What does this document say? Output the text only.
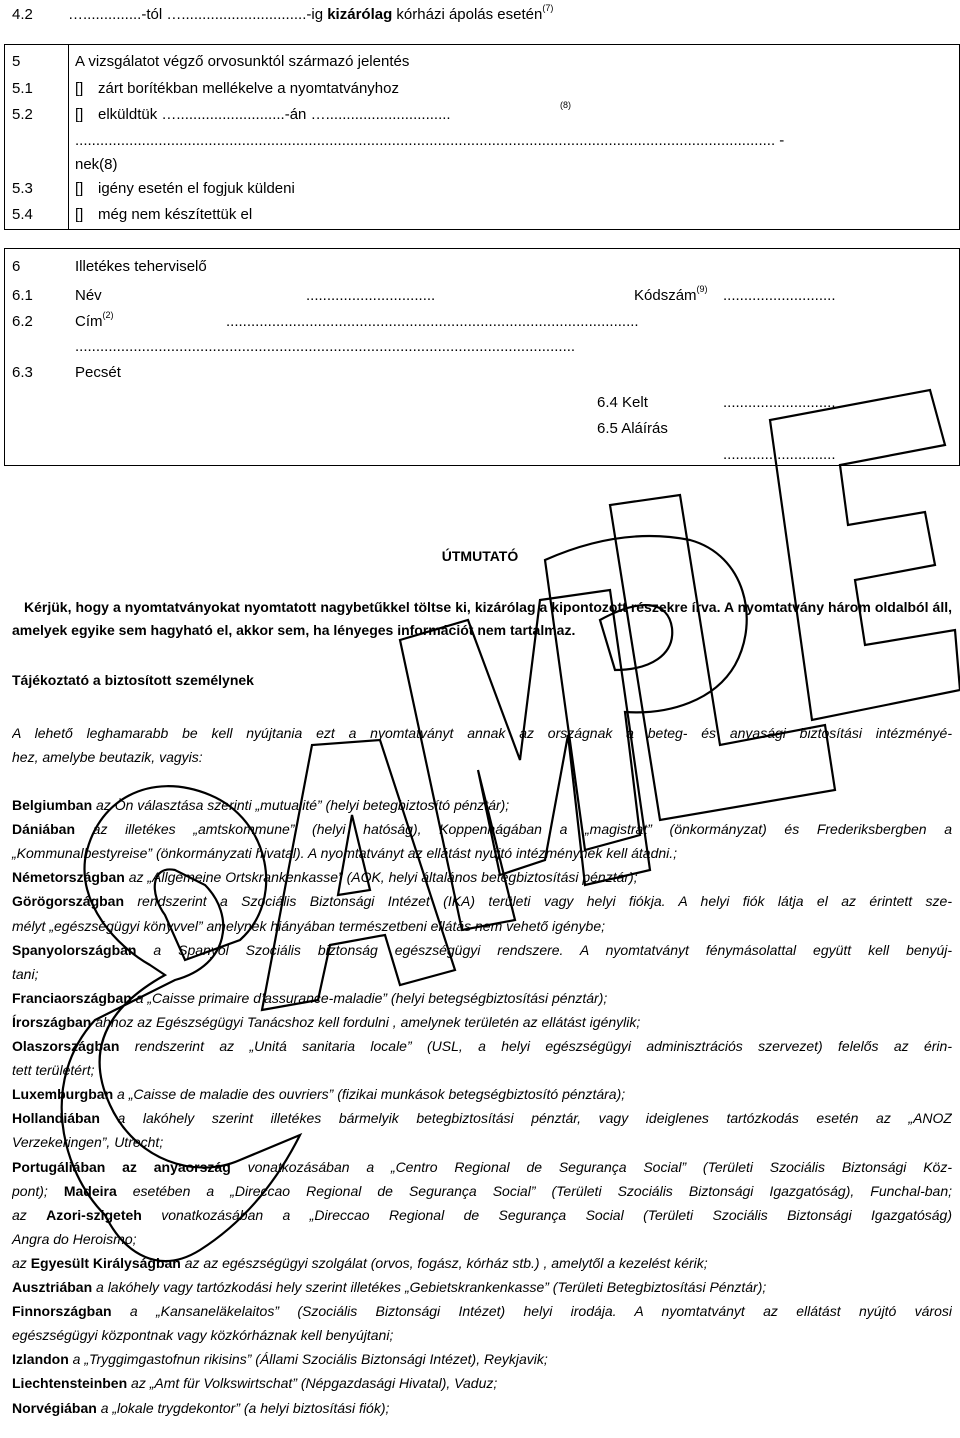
4.2 …..............-tól …..............................-ig kizárólag kórházi ápolás esetén$^{(7)}$
5	A vizsgálatot végző orvosunktól származó jelentés
5.1	[] zárt borítékban mellékelve a nyomtatványhoz
5.2	[] elküldtük …..........................-án …..............................
(8)
........................................................................................................................................................................ -
nek(8)
5.3	[] igény esetén el fogjuk küldeni
5.4	[] még nem készítettük el
6	Illetékes teherviselő
6.1	Név	...............................	Kódszám$^{(9)}$ ...........................
6.2	Cím$^{(2)}$	...................................................................................................
........................................................................................................................
6.3	Pecsét
6.4 Kelt	...........................
6.5 Aláírás
...........................
ÚTMUTATÓ
Kérjük, hogy a nyomtatványokat nyomtatott nagybetűkkel töltse ki, kizárólag a kipontozott részekre írva. A nyomtatvány három oldalból áll, amelyek egyike sem hagyható el, akkor sem, ha lényeges információt nem tartalmaz.
Tájékoztató a biztosított személynek
A lehető leghamarabb be kell nyújtania ezt a nyomtatványt annak az országnak a beteg- és anyasági biztosítási intézményé-
hez, amelybe beutazik, vagyis:
Belgiumban az Ön választása szerinti „mutualité” (helyi betegbiztosító pénztár);
Dániában az illetékes „amtskommune” (helyi hatóság), Koppenhágában a „magistrat” (önkormányzat) és Frederiksbergben a
„Kommunalbestyreise” (önkormányzati hivatal). A nyomtatványt az ellátást nyújtó intézménynek kell átadni.;
Németországban az „Allgemeine Ortskrankenkasse” (AOK, helyi általános betegbiztosítási pénztár);
Görögországban rendszerint a Szociális Biztonsági Intézet (IKA) területi vagy helyi fiókja. A helyi fiók látja el az érintett sze-
mélyt „egészségügyi könyvvel” amelynek hiányában természetbeni ellátás nem vehető igénybe;
Spanyolországban a Spanyol Szociális biztonság egészségügyi rendszere. A nyomtatványt fénymásolattal együtt kell benyúj-
tani;
Franciaországban a „Caisse primaire d’assurance-maladie” (helyi betegségbiztosítási pénztár);
Írországban ahhoz az Egészségügyi Tanácshoz kell fordulni , amelynek területén az ellátást igénylik;
Olaszországban rendszerint az „Unitá sanitaria locale” (USL, a helyi egészségügyi adminisztrációs szervezet) felelős az érin-
tett területért;
Luxemburgban a „Caisse de maladie des ouvriers” (fizikai munkások betegségbiztosító pénztára);
Hollandiában a lakóhely szerint illetékes bármelyik betegbiztosítási pénztár, vagy ideiglenes tartózkodás esetén az „ANOZ
Verzekeringen”, Utrecht;
Portugáliában az anyaország vonatkozásában a „Centro Regional de Segurança Social” (Területi Szociális Biztonsági Köz-
pont); Madeira esetében a „Direccao Regional de Segurança Social” (Területi Szociális Biztonsági Igazgatóság), Funchal-ban;
az Azori-szigeteh vonatkozásában a „Direccao Regional de Segurança Social (Területi Szociális Biztonsági Igazgatóság)
Angra do Heroismo;
az Egyesült Királyságban az az egészségügyi szolgálat (orvos, fogász, kórház stb.) , amelytől a kezelést kérik;
Ausztriában a lakóhely vagy tartózkodási hely szerint illetékes „Gebietskrankenkasse” (Területi Betegbiztosítási Pénztár);
Finnországban a „Kansaneläkelaitos” (Szociális Biztonsági Intézet) helyi irodája. A nyomtatványt az ellátást nyújtó városi
egészségügyi központnak vagy közkórháznak kell benyújtani;
Izlandon a „Tryggimgastofnun rikisins” (Állami Szociális Biztonsági Intézet), Reykjavik;
Liechtensteinben az „Amt für Volkswirtschat” (Népgazdasági Hivatal), Vaduz;
Norvégiában a „lokale trygdekontor” (a helyi biztosítási fiók);
